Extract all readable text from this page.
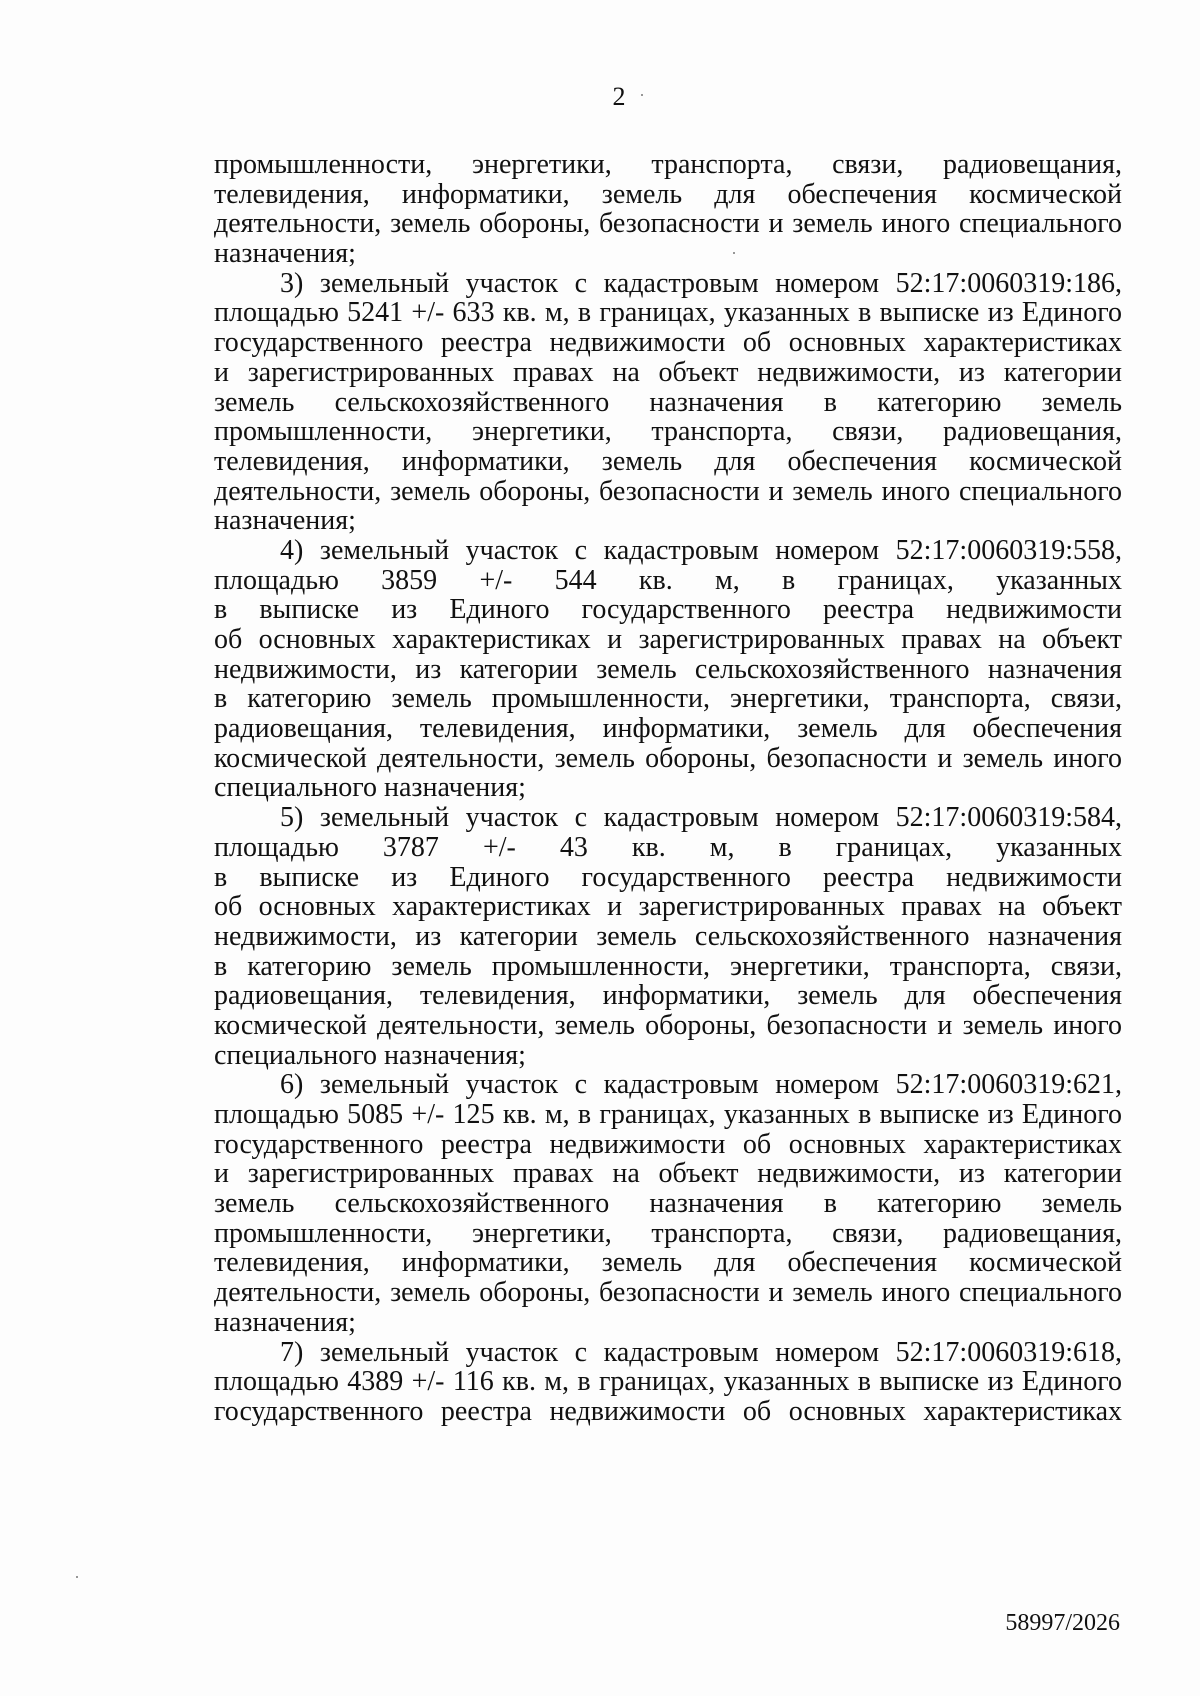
2
промышленности, энергетики, транспорта, связи, радиовещания,
телевидения, информатики, земель для обеспечения космической
деятельности, земель обороны, безопасности и земель иного специального
назначения;
3) земельный участок с кадастровым номером 52:17:0060319:186,
площадью 5241 +/- 633 кв. м, в границах, указанных в выписке из Единого
государственного реестра недвижимости об основных характеристиках
и зарегистрированных правах на объект недвижимости, из категории
земель сельскохозяйственного назначения в категорию земель
промышленности, энергетики, транспорта, связи, радиовещания,
телевидения, информатики, земель для обеспечения космической
деятельности, земель обороны, безопасности и земель иного специального
назначения;
4) земельный участок с кадастровым номером 52:17:0060319:558,
площадью 3859 +/- 544 кв. м, в границах, указанных
в выписке из Единого государственного реестра недвижимости
об основных характеристиках и зарегистрированных правах на объект
недвижимости, из категории земель сельскохозяйственного назначения
в категорию земель промышленности, энергетики, транспорта, связи,
радиовещания, телевидения, информатики, земель для обеспечения
космической деятельности, земель обороны, безопасности и земель иного
специального назначения;
5) земельный участок с кадастровым номером 52:17:0060319:584,
площадью 3787 +/- 43 кв. м, в границах, указанных
в выписке из Единого государственного реестра недвижимости
об основных характеристиках и зарегистрированных правах на объект
недвижимости, из категории земель сельскохозяйственного назначения
в категорию земель промышленности, энергетики, транспорта, связи,
радиовещания, телевидения, информатики, земель для обеспечения
космической деятельности, земель обороны, безопасности и земель иного
специального назначения;
6) земельный участок с кадастровым номером 52:17:0060319:621,
площадью 5085 +/- 125 кв. м, в границах, указанных в выписке из Единого
государственного реестра недвижимости об основных характеристиках
и зарегистрированных правах на объект недвижимости, из категории
земель сельскохозяйственного назначения в категорию земель
промышленности, энергетики, транспорта, связи, радиовещания,
телевидения, информатики, земель для обеспечения космической
деятельности, земель обороны, безопасности и земель иного специального
назначения;
7) земельный участок с кадастровым номером 52:17:0060319:618,
площадью 4389 +/- 116 кв. м, в границах, указанных в выписке из Единого
государственного реестра недвижимости об основных характеристиках
58997/2026
